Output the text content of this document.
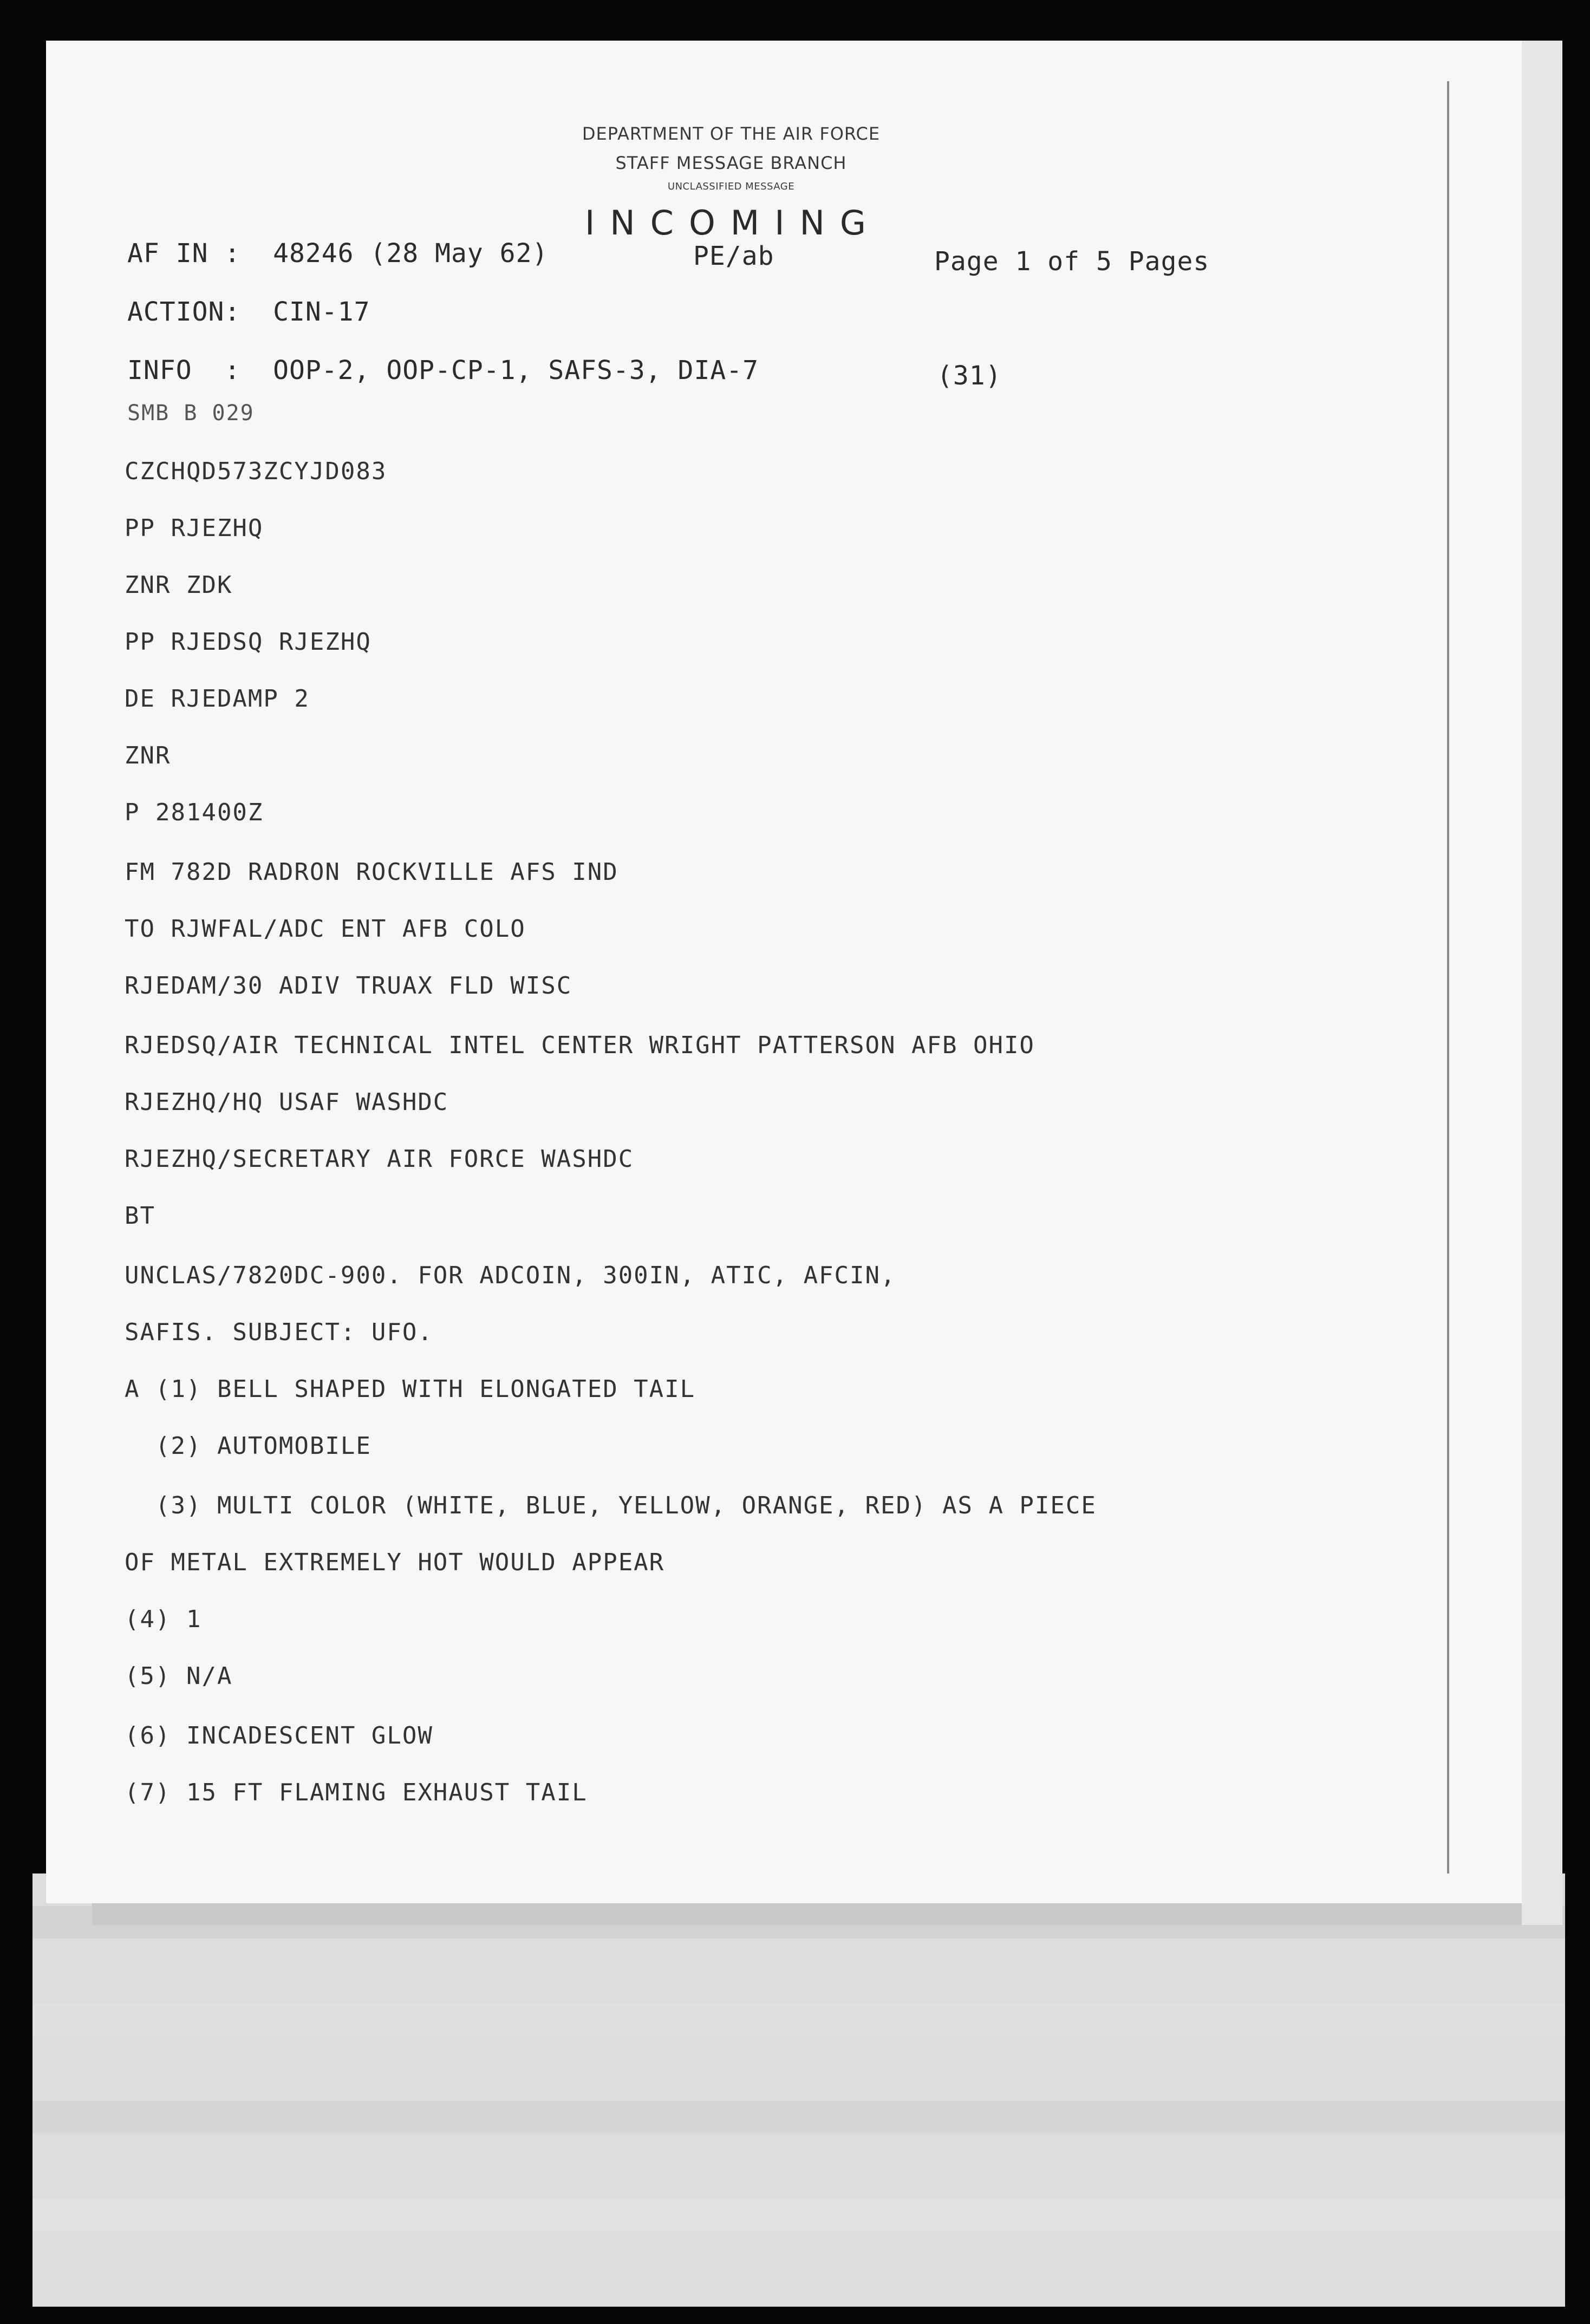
DEPARTMENT OF THE AIR FORCE
STAFF MESSAGE BRANCH
UNCLASSIFIED MESSAGE
INCOMING
AF IN :  48246 (28 May 62)	PE/ab	Page 1 of 5 Pages
ACTION:  CIN-17
INFO  :  OOP-2, OOP-CP-1, SAFS-3, DIA-7	(31)
SMB B 029
CZCHQD573ZCYJD083
PP RJEZHQ
ZNR ZDK
PP RJEDSQ RJEZHQ
DE RJEDAMP 2
ZNR
P 281400Z
FM 782D RADRON ROCKVILLE AFS IND
TO RJWFAL/ADC ENT AFB COLO
RJEDAM/30 ADIV TRUAX FLD WISC
RJEDSQ/AIR TECHNICAL INTEL CENTER WRIGHT PATTERSON AFB OHIO
RJEZHQ/HQ USAF WASHDC
RJEZHQ/SECRETARY AIR FORCE WASHDC
BT
UNCLAS/7820DC-900. FOR ADCOIN, 300IN, ATIC, AFCIN,
SAFIS. SUBJECT: UFO.
A (1) BELL SHAPED WITH ELONGATED TAIL
(2) AUTOMOBILE
(3) MULTI COLOR (WHITE, BLUE, YELLOW, ORANGE, RED) AS A PIECE
OF METAL EXTREMELY HOT WOULD APPEAR
(4) 1
(5) N/A
(6) INCADESCENT GLOW
(7) 15 FT FLAMING EXHAUST TAIL
